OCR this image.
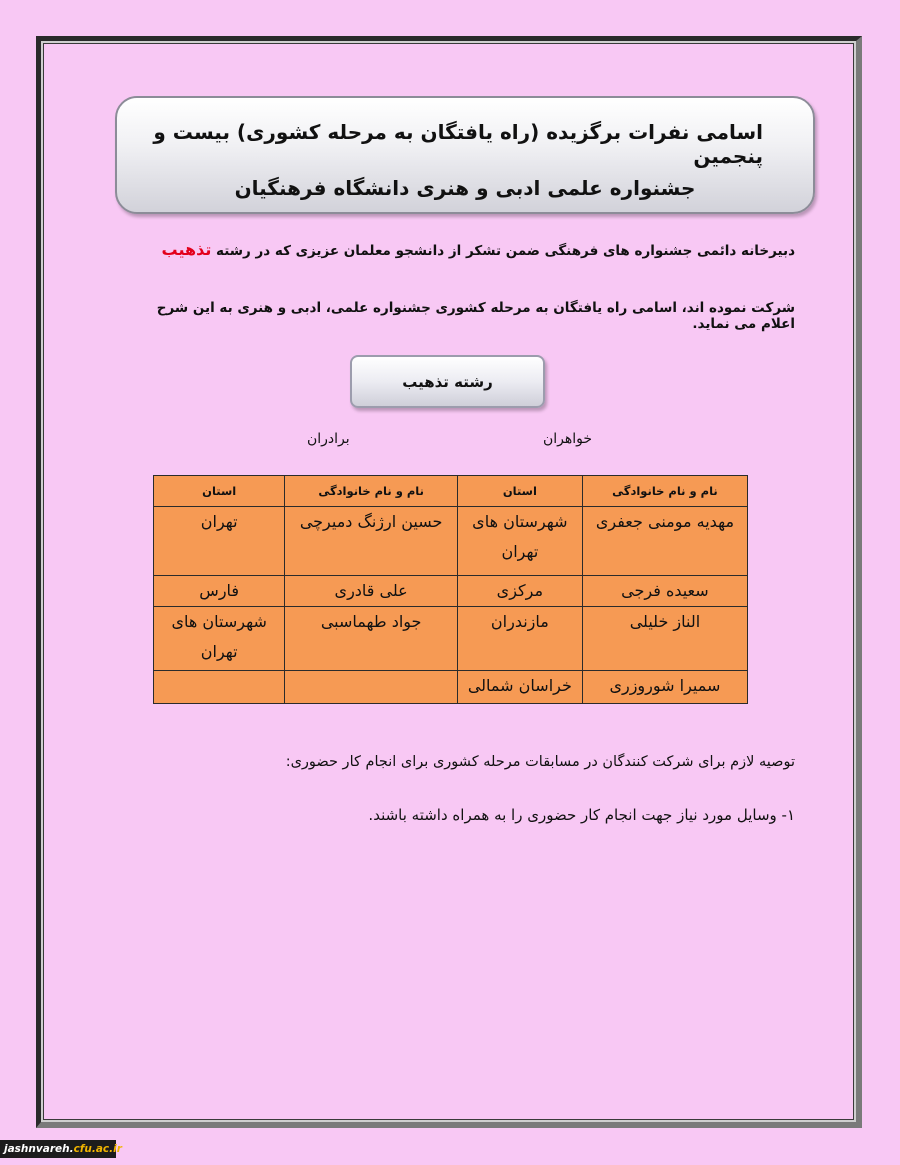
اسامی نفرات برگزیده (راه یافتگان به مرحله کشوری) بیست و پنجمین
جشنواره علمی ادبی و هنری دانشگاه فرهنگیان
دبیرخانه دائمی جشنواره های فرهنگی ضمن تشکر از دانشجو معلمان عزیزی که در رشته تذهیب
شرکت نموده اند، اسامی راه یافتگان به مرحله کشوری جشنواره علمی، ادبی و هنری به این شرح اعلام می نماید.
رشته تذهیب
خواهران
برادران
نام و نام خانوادگی	استان	نام و نام خانوادگی	استان
مهدیه مومنی جعفری	شهرستان های تهران	حسین ارژنگ دمیرچی	تهران
سعیده فرجی	مرکزی	علی قادری	فارس
الناز خلیلی	مازندران	جواد طهماسبی	شهرستان های تهران
سمیرا شوروزری	خراسان شمالی		
توصیه لازم برای شرکت کنندگان در مسابقات مرحله کشوری برای انجام کار حضوری:
۱- وسایل مورد نیاز جهت انجام کار حضوری را به همراه داشته باشند.
jashnvareh.cfu.ac.ir
